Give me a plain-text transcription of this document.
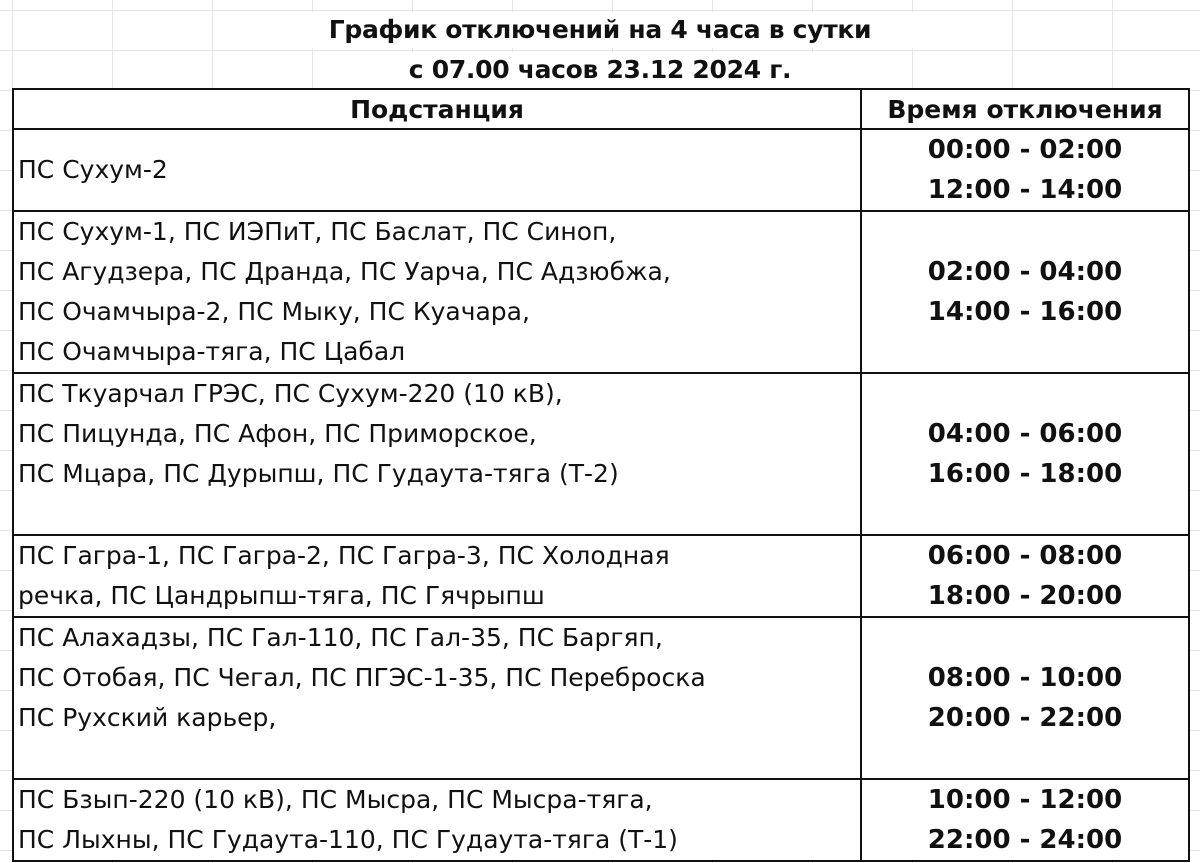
График отключений на 4 часа в сутки
с 07.00 часов 23.12 2024 г.
Подстанция	Время отключения

ПС Сухум-2	00:00 - 02:00
12:00 - 14:00

ПС Сухум-1, ПС ИЭПиТ, ПС Баслат, ПС Синоп,
ПС Агудзера, ПС Дранда, ПС Уарча, ПС Адзюбжа,
ПС Очамчыра-2, ПС Мыку, ПС Куачара,
ПС Очамчыра-тяга, ПС Цабал	02:00 - 04:00
14:00 - 16:00

ПС Ткуарчал ГРЭС, ПС Сухум-220 (10 кВ),
ПС Пицунда, ПС Афон, ПС Приморское,
ПС Мцара, ПС Дурыпш, ПС Гудаута-тяга (Т-2)	04:00 - 06:00
16:00 - 18:00

ПС Гагра-1, ПС Гагра-2, ПС Гагра-3, ПС Холодная
речка, ПС Цандрыпш-тяга, ПС Гячрыпш	06:00 - 08:00
18:00 - 20:00

ПС Алахадзы, ПС Гал-110, ПС Гал-35, ПС Баргяп,
ПС Отобая, ПС Чегал, ПС ПГЭС-1-35, ПС Переброска
ПС Рухский карьер,	08:00 - 10:00
20:00 - 22:00

ПС Бзып-220 (10 кВ), ПС Мысра, ПС Мысра-тяга,
ПС Лыхны, ПС Гудаута-110, ПС Гудаута-тяга (Т-1)	10:00 - 12:00
22:00 - 24:00
